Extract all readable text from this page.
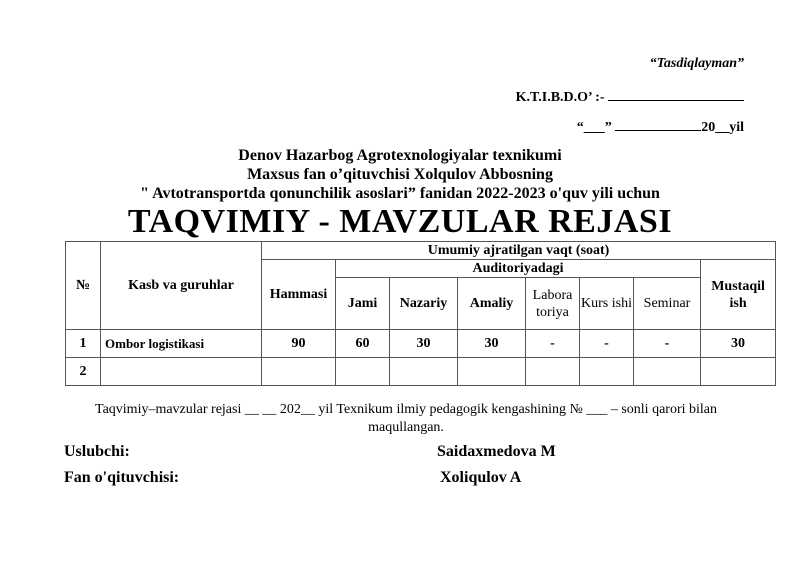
“Tasdiqlayman”
K.T.I.B.D.O’ :-
“___”	20__yil
Denov Hazarbog Agrotexnologiyalar texnikumi
Maxsus fan o’qituvchisi Xolqulov Abbosning
" Avtotransportda qonunchilik asoslari” fanidan 2022-2023 o'quv yili uchun
TAQVIMIY - MAVZULAR REJASI
№	Kasb va guruhlar	Umumiy ajratilgan vaqt (soat)							
		Hammasi	Auditoriyadagi						Mustaqil ish
			Jami	Nazariy	Amaliy	Labora toriya	Kurs ishi	Seminar	
1	Ombor logistikasi	90	60	30	30	-	-	-	30
2									
Taqvimiy–mavzular rejasi __ __ 202__ yil Texnikum ilmiy pedagogik kengashining № ___ – sonli qarori bilan maqullangan.
Uslubchi:	Saidaxmedova M
Fan o'qituvchisi:	Xoliqulov A
